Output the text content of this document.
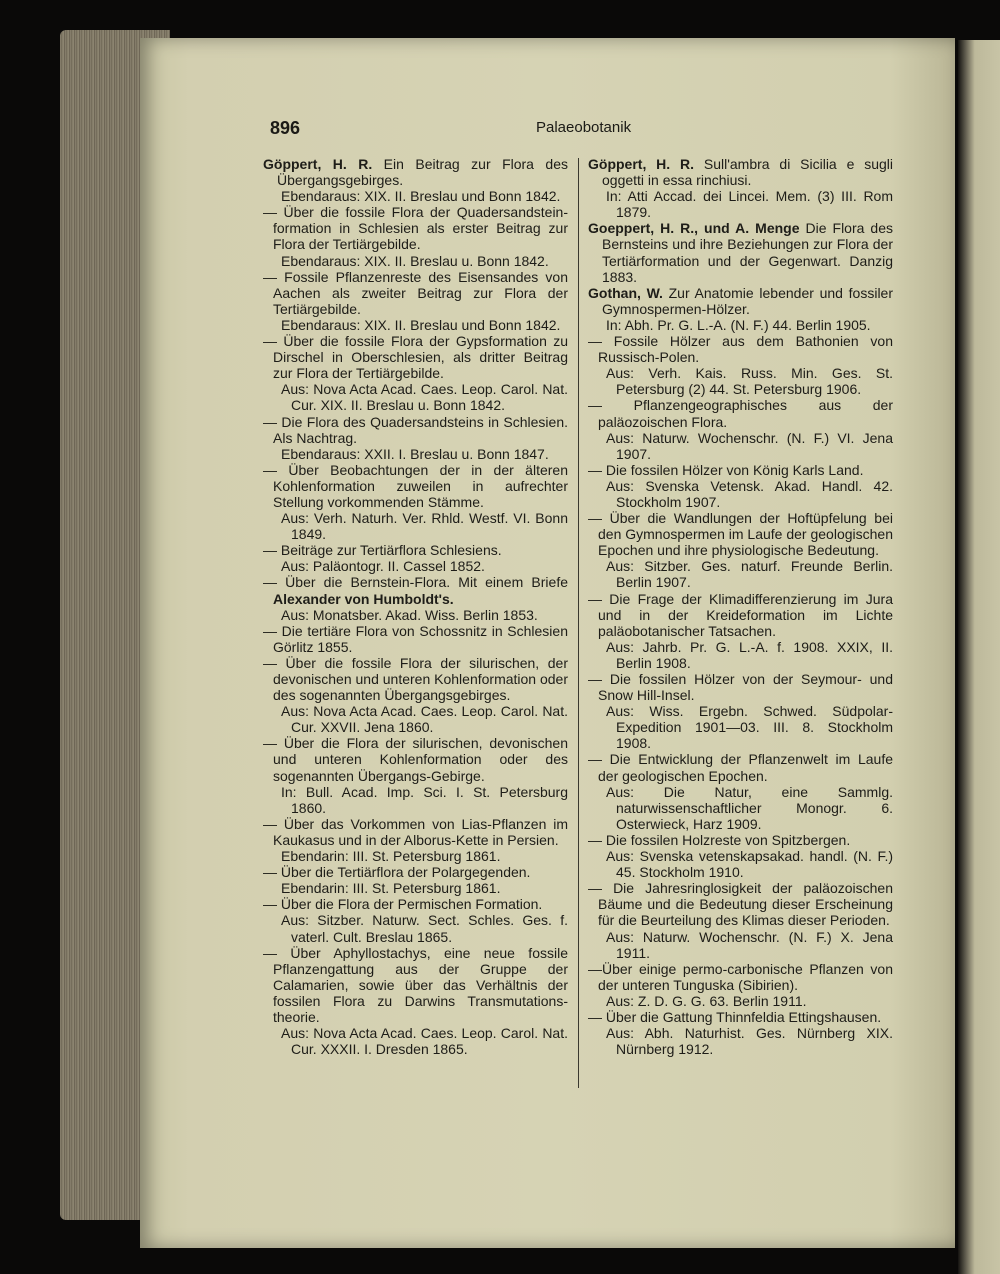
896	Palaeobotanik

Göppert, H. R. Ein Beitrag zur Flora des Übergangsgebirges.

Ebendaraus: XIX. II. Breslau und Bonn 1842.

— Über die fossile Flora der Quadersandstein-formation in Schlesien als erster Beitrag zur Flora der Tertiärgebilde.

Ebendaraus: XIX. II. Breslau u. Bonn 1842.

— Fossile Pflanzenreste des Eisensandes von Aachen als zweiter Beitrag zur Flora der Tertiärgebilde.

Ebendaraus: XIX. II. Breslau und Bonn 1842.

— Über die fossile Flora der Gypsformation zu Dirschel in Oberschlesien, als dritter Beitrag zur Flora der Tertiärgebilde.

Aus: Nova Acta Acad. Caes. Leop. Carol. Nat. Cur. XIX. II. Breslau u. Bonn 1842.

— Die Flora des Quadersandsteins in Schlesien. Als Nachtrag.

Ebendaraus: XXII. I. Breslau u. Bonn 1847.

— Über Beobachtungen der in der älteren Kohlenformation zuweilen in aufrechter Stellung vorkommenden Stämme.

Aus: Verh. Naturh. Ver. Rhld. Westf. VI. Bonn 1849.

— Beiträge zur Tertiärflora Schlesiens.

Aus: Paläontogr. II. Cassel 1852.

— Über die Bernstein-Flora. Mit einem Briefe Alexander von Humboldt's.

Aus: Monatsber. Akad. Wiss. Berlin 1853.

— Die tertiäre Flora von Schossnitz in Schlesien Görlitz 1855.

— Über die fossile Flora der silurischen, der devonischen und unteren Kohlenformation oder des sogenannten Übergangsgebirges.

Aus: Nova Acta Acad. Caes. Leop. Carol. Nat. Cur. XXVII. Jena 1860.

— Über die Flora der silurischen, devonischen und unteren Kohlenformation oder des sogenannten Übergangs-Gebirge.

In: Bull. Acad. Imp. Sci. I. St. Petersburg 1860.

— Über das Vorkommen von Lias-Pflanzen im Kaukasus und in der Alborus-Kette in Persien.

Ebendarin: III. St. Petersburg 1861.

— Über die Tertiärflora der Polargegenden.

Ebendarin: III. St. Petersburg 1861.

— Über die Flora der Permischen Formation.

Aus: Sitzber. Naturw. Sect. Schles. Ges. f. vaterl. Cult. Breslau 1865.

— Über Aphyllostachys, eine neue fossile Pflanzengattung aus der Gruppe der Calamarien, sowie über das Verhältnis der fossilen Flora zu Darwins Transmutations-theorie.

Aus: Nova Acta Acad. Caes. Leop. Carol. Nat. Cur. XXXII. I. Dresden 1865.

Göppert, H. R. Sull'ambra di Sicilia e sugli oggetti in essa rinchiusi.

In: Atti Accad. dei Lincei. Mem. (3) III. Rom 1879.

Goeppert, H. R., und A. Menge Die Flora des Bernsteins und ihre Beziehungen zur Flora der Tertiärformation und der Gegenwart. Danzig 1883.

Gothan, W. Zur Anatomie lebender und fossiler Gymnospermen-Hölzer.

In: Abh. Pr. G. L.-A. (N. F.) 44. Berlin 1905.

— Fossile Hölzer aus dem Bathonien von Russisch-Polen.

Aus: Verh. Kais. Russ. Min. Ges. St. Petersburg (2) 44. St. Petersburg 1906.

— Pflanzengeographisches aus der paläozoischen Flora.

Aus: Naturw. Wochenschr. (N. F.) VI. Jena 1907.

— Die fossilen Hölzer von König Karls Land.

Aus: Svenska Vetensk. Akad. Handl. 42. Stockholm 1907.

— Über die Wandlungen der Hoftüpfelung bei den Gymnospermen im Laufe der geologischen Epochen und ihre physiologische Bedeutung.

Aus: Sitzber. Ges. naturf. Freunde Berlin. Berlin 1907.

— Die Frage der Klimadifferenzierung im Jura und in der Kreideformation im Lichte paläobotanischer Tatsachen.

Aus: Jahrb. Pr. G. L.-A. f. 1908. XXIX, II. Berlin 1908.

— Die fossilen Hölzer von der Seymour- und Snow Hill-Insel.

Aus: Wiss. Ergebn. Schwed. Südpolar-Expedition 1901—03. III. 8. Stockholm 1908.

— Die Entwicklung der Pflanzenwelt im Laufe der geologischen Epochen.

Aus: Die Natur, eine Sammlg. naturwissenschaftlicher Monogr. 6. Osterwieck, Harz 1909.

— Die fossilen Holzreste von Spitzbergen.

Aus: Svenska vetenskapsakad. handl. (N. F.) 45. Stockholm 1910.

— Die Jahresringlosigkeit der paläozoischen Bäume und die Bedeutung dieser Erscheinung für die Beurteilung des Klimas dieser Perioden.

Aus: Naturw. Wochenschr. (N. F.) X. Jena 1911.

—Über einige permo-carbonische Pflanzen von der unteren Tunguska (Sibirien).

Aus: Z. D. G. G. 63. Berlin 1911.

— Über die Gattung Thinnfeldia Ettingshausen.

Aus: Abh. Naturhist. Ges. Nürnberg XIX. Nürnberg 1912.
